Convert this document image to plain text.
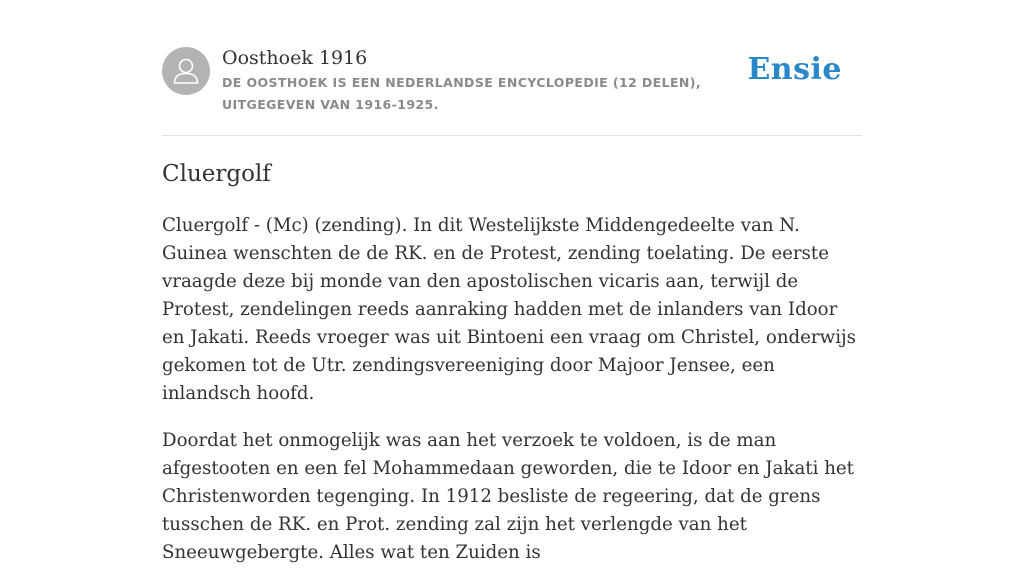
Oosthoek 1916
DE OOSTHOEK IS EEN NEDERLANDSE ENCYCLOPEDIE (12 DELEN), UITGEGEVEN VAN 1916-1925.
Ensie
Cluergolf

Cluergolf - (Mc) (zending). In dit Westelijkste Middengedeelte van N. Guinea wenschten de de RK. en de Protest, zending toelating. De eerste vraagde deze bij monde van den apostolischen vicaris aan, terwijl de Protest, zendelingen reeds aanraking hadden met de inlanders van Idoor en Jakati. Reeds vroeger was uit Bintoeni een vraag om Christel, onderwijs gekomen tot de Utr. zendingsvereeniging door Majoor Jensee, een inlandsch hoofd.

Doordat het onmogelijk was aan het verzoek te voldoen, is de man afgestooten en een fel Mohammedaan geworden, die te Idoor en Jakati het Christenworden tegenging. In 1912 besliste de regeering, dat de grens tusschen de RK. en Prot. zending zal zijn het verlengde van het Sneeuwgebergte. Alles wat ten Zuiden is
